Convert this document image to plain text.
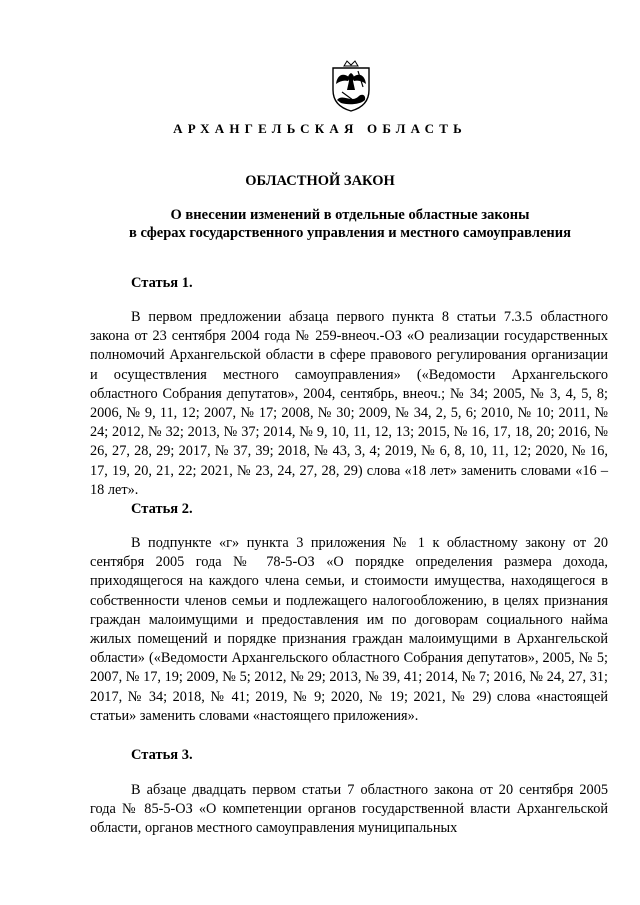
АРХАНГЕЛЬСКАЯ ОБЛАСТЬ
ОБЛАСТНОЙ ЗАКОН
О внесении изменений в отдельные областные законы
в сферах государственного управления и местного самоуправления
Статья 1.

В первом предложении абзаца первого пункта 8 статьи 7.3.5 областного закона от 23 сентября 2004 года № 259-внеоч.-ОЗ «О реализации государственных полномочий Архангельской области в сфере правового регулирования организации и осуществления местного самоуправления» («Ведомости Архангельского областного Собрания депутатов», 2004, сентябрь, внеоч.; № 34; 2005, № 3, 4, 5, 8; 2006, № 9, 11, 12; 2007, № 17; 2008, № 30; 2009, № 34, 2, 5, 6; 2010, № 10; 2011, № 24; 2012, № 32; 2013, № 37; 2014, № 9, 10, 11, 12, 13; 2015, № 16, 17, 18, 20; 2016, № 26, 27, 28, 29; 2017, № 37, 39; 2018, № 43, 3, 4; 2019, № 6, 8, 10, 11, 12; 2020, № 16, 17, 19, 20, 21, 22; 2021, № 23, 24, 27, 28, 29) слова «18 лет» заменить словами «16 – 18 лет».

Статья 2.

В подпункте «г» пункта 3 приложения № 1 к областному закону от 20 сентября 2005 года № 78-5-ОЗ «О порядке определения размера дохода, приходящегося на каждого члена семьи, и стоимости имущества, находящегося в собственности членов семьи и подлежащего налогообложению, в целях признания граждан малоимущими и предоставления им по договорам социального найма жилых помещений и порядке признания граждан малоимущими в Архангельской области» («Ведомости Архангельского областного Собрания депутатов», 2005, № 5; 2007, № 17, 19; 2009, № 5; 2012, № 29; 2013, № 39, 41; 2014, № 7; 2016, № 24, 27, 31; 2017, № 34; 2018, № 41; 2019, № 9; 2020, № 19; 2021, № 29) слова «настоящей статьи» заменить словами «настоящего приложения».

Статья 3.

В абзаце двадцать первом статьи 7 областного закона от 20 сентября 2005 года № 85-5-ОЗ «О компетенции органов государственной власти Архангельской области, органов местного самоуправления муниципальных
